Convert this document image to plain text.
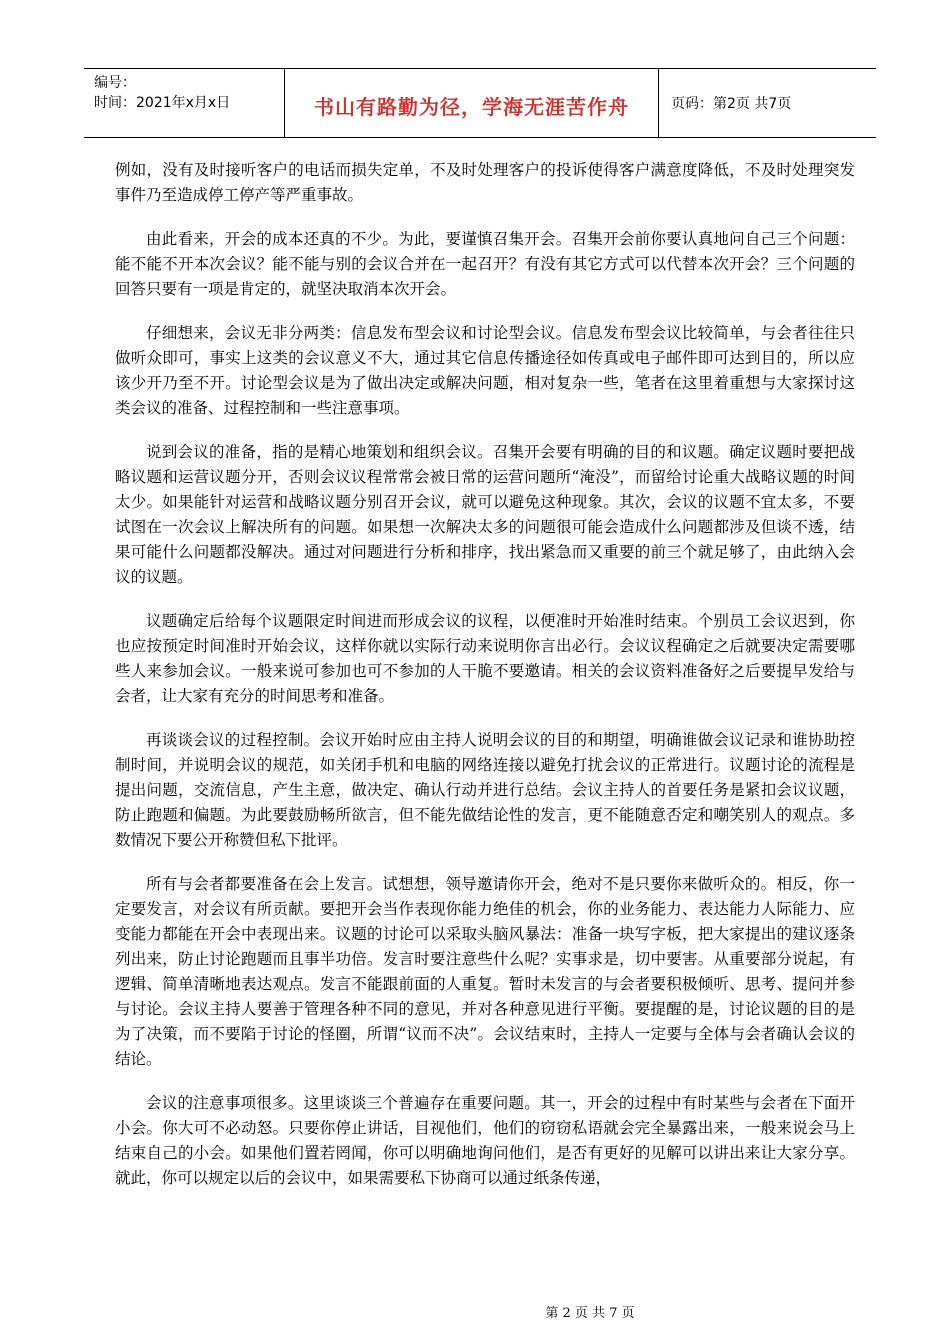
编号：
时间：2021年x月x日	书山有路勤为径，学海无涯苦作舟	页码：第2页 共7页

例如，没有及时接听客户的电话而损失定单，不及时处理客户的投诉使得客户满意度降低，不及时处理突发事件乃至造成停工停产等严重事故。

由此看来，开会的成本还真的不少。为此，要谨慎召集开会。召集开会前你要认真地问自己三个问题：能不能不开本次会议？能不能与别的会议合并在一起召开？有没有其它方式可以代替本次开会？三个问题的回答只要有一项是肯定的，就坚决取消本次开会。

仔细想来，会议无非分两类：信息发布型会议和讨论型会议。信息发布型会议比较简单，与会者往往只做听众即可，事实上这类的会议意义不大，通过其它信息传播途径如传真或电子邮件即可达到目的，所以应该少开乃至不开。讨论型会议是为了做出决定或解决问题，相对复杂一些，笔者在这里着重想与大家探讨这类会议的准备、过程控制和一些注意事项。

说到会议的准备，指的是精心地策划和组织会议。召集开会要有明确的目的和议题。确定议题时要把战略议题和运营议题分开，否则会议议程常常会被日常的运营问题所“淹没”，而留给讨论重大战略议题的时间太少。如果能针对运营和战略议题分别召开会议，就可以避免这种现象。其次，会议的议题不宜太多，不要试图在一次会议上解决所有的问题。如果想一次解决太多的问题很可能会造成什么问题都涉及但谈不透，结果可能什么问题都没解决。通过对问题进行分析和排序，找出紧急而又重要的前三个就足够了，由此纳入会议的议题。

议题确定后给每个议题限定时间进而形成会议的议程，以便准时开始准时结束。个别员工会议迟到，你也应按预定时间准时开始会议，这样你就以实际行动来说明你言出必行。会议议程确定之后就要决定需要哪些人来参加会议。一般来说可参加也可不参加的人干脆不要邀请。相关的会议资料准备好之后要提早发给与会者，让大家有充分的时间思考和准备。

再谈谈会议的过程控制。会议开始时应由主持人说明会议的目的和期望，明确谁做会议记录和谁协助控制时间，并说明会议的规范，如关闭手机和电脑的网络连接以避免打扰会议的正常进行。议题讨论的流程是提出问题，交流信息，产生主意，做决定、确认行动并进行总结。会议主持人的首要任务是紧扣会议议题，防止跑题和偏题。为此要鼓励畅所欲言，但不能先做结论性的发言，更不能随意否定和嘲笑别人的观点。多数情况下要公开称赞但私下批评。

所有与会者都要准备在会上发言。试想想，领导邀请你开会，绝对不是只要你来做听众的。相反，你一定要发言，对会议有所贡献。要把开会当作表现你能力绝佳的机会，你的业务能力、表达能力人际能力、应变能力都能在开会中表现出来。议题的讨论可以采取头脑风暴法：准备一块写字板，把大家提出的建议逐条列出来，防止讨论跑题而且事半功倍。发言时要注意些什么呢？实事求是，切中要害。从重要部分说起，有逻辑、简单清晰地表达观点。发言不能跟前面的人重复。暂时未发言的与会者要积极倾听、思考、提问并参与讨论。会议主持人要善于管理各种不同的意见，并对各种意见进行平衡。要提醒的是，讨论议题的目的是为了决策，而不要陷于讨论的怪圈，所谓“议而不决”。会议结束时，主持人一定要与全体与会者确认会议的结论。

会议的注意事项很多。这里谈谈三个普遍存在重要问题。其一，开会的过程中有时某些与会者在下面开小会。你大可不必动怒。只要你停止讲话，目视他们，他们的窃窃私语就会完全暴露出来，一般来说会马上结束自己的小会。如果他们置若罔闻，你可以明确地询问他们，是否有更好的见解可以讲出来让大家分享。就此，你可以规定以后的会议中，如果需要私下协商可以通过纸条传递，

第 2 页 共 7 页
